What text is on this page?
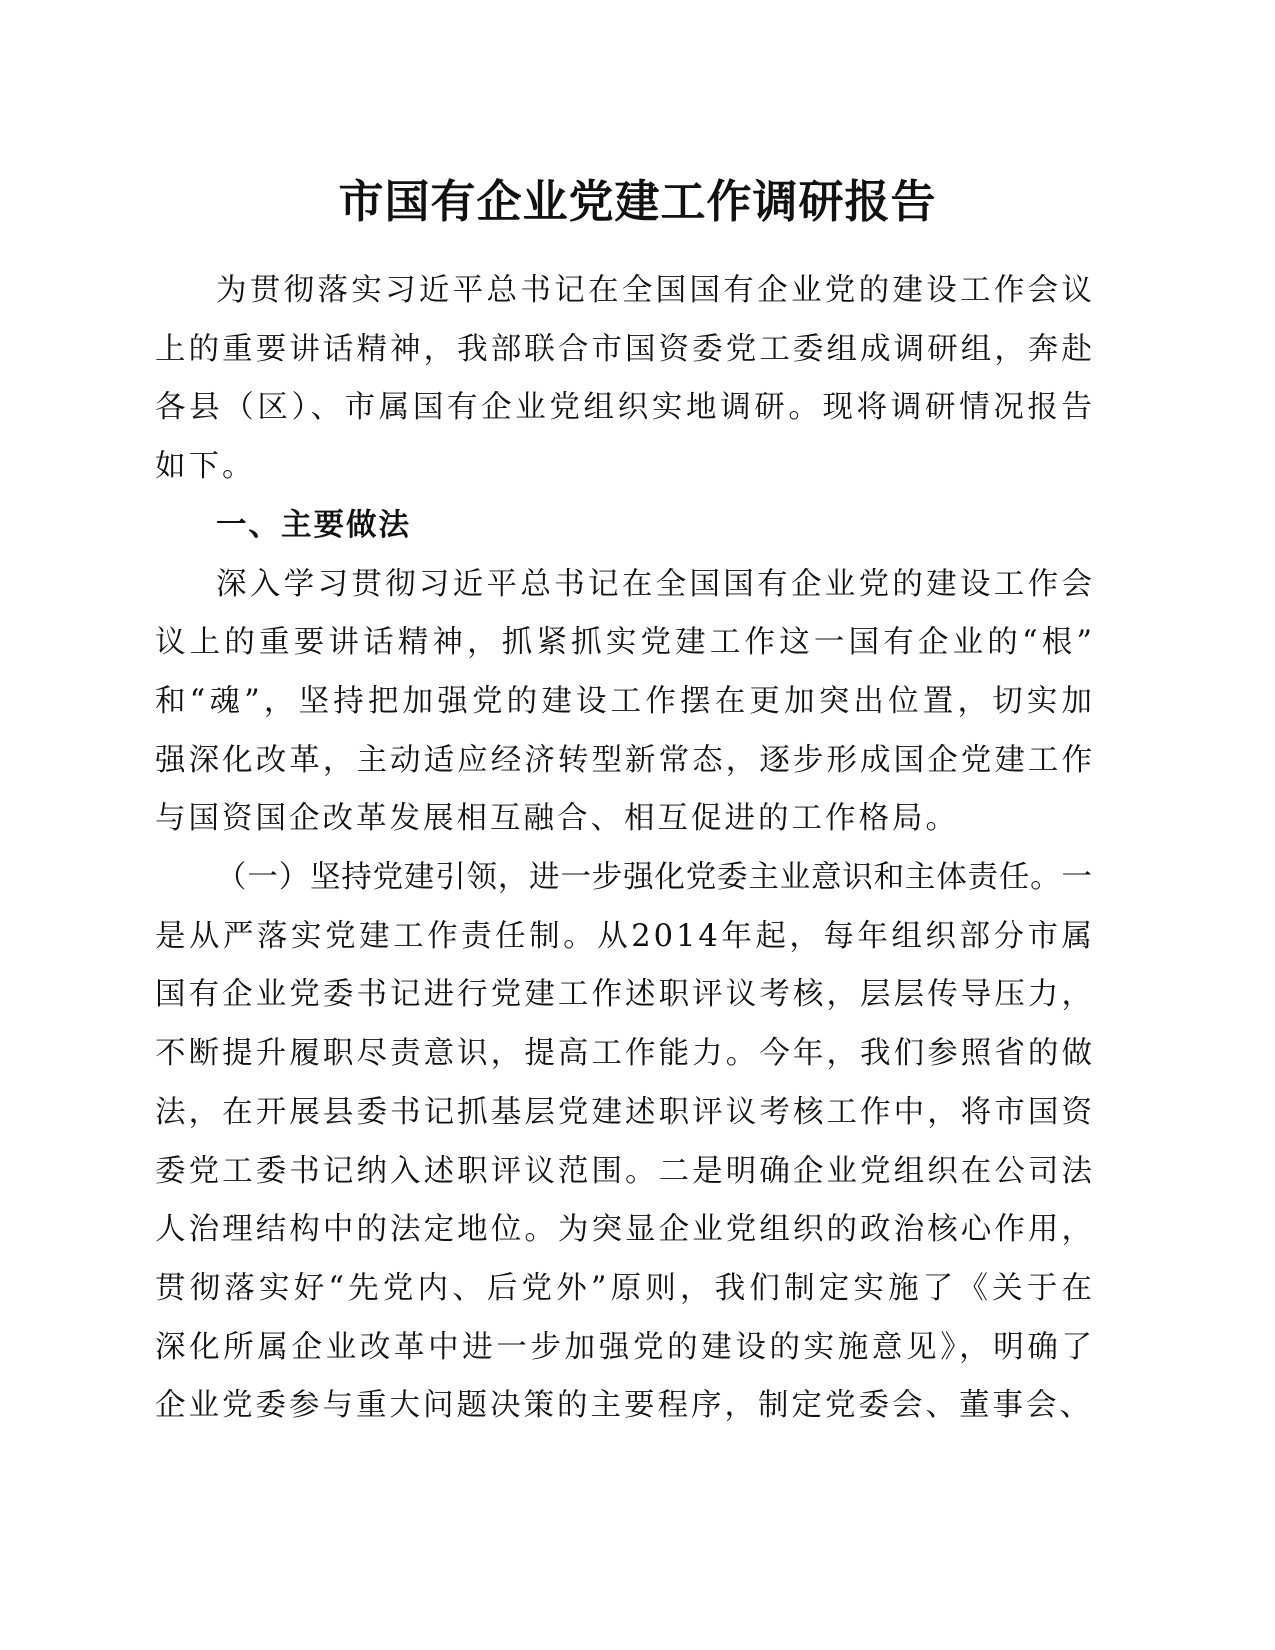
市国有企业党建工作调研报告

为贯彻落实习近平总书记在全国国有企业党的建设工作会议上的重要讲话精神，我部联合市国资委党工委组成调研组，奔赴各县（区）、市属国有企业党组织实地调研。现将调研情况报告如下。

一、主要做法

深入学习贯彻习近平总书记在全国国有企业党的建设工作会议上的重要讲话精神，抓紧抓实党建工作这一国有企业的“根”和“魂”，坚持把加强党的建设工作摆在更加突出位置，切实加强深化改革，主动适应经济转型新常态，逐步形成国企党建工作与国资国企改革发展相互融合、相互促进的工作格局。

（一）坚持党建引领，进一步强化党委主业意识和主体责任。一是从严落实党建工作责任制。从2014年起，每年组织部分市属国有企业党委书记进行党建工作述职评议考核，层层传导压力，不断提升履职尽责意识，提高工作能力。今年，我们参照省的做法，在开展县委书记抓基层党建述职评议考核工作中，将市国资委党工委书记纳入述职评议范围。二是明确企业党组织在公司法人治理结构中的法定地位。为突显企业党组织的政治核心作用，贯彻落实好“先党内、后党外”原则，我们制定实施了《关于在深化所属企业改革中进一步加强党的建设的实施意见》，明确了企业党委参与重大问题决策的主要程序，制定党委会、董事会、
